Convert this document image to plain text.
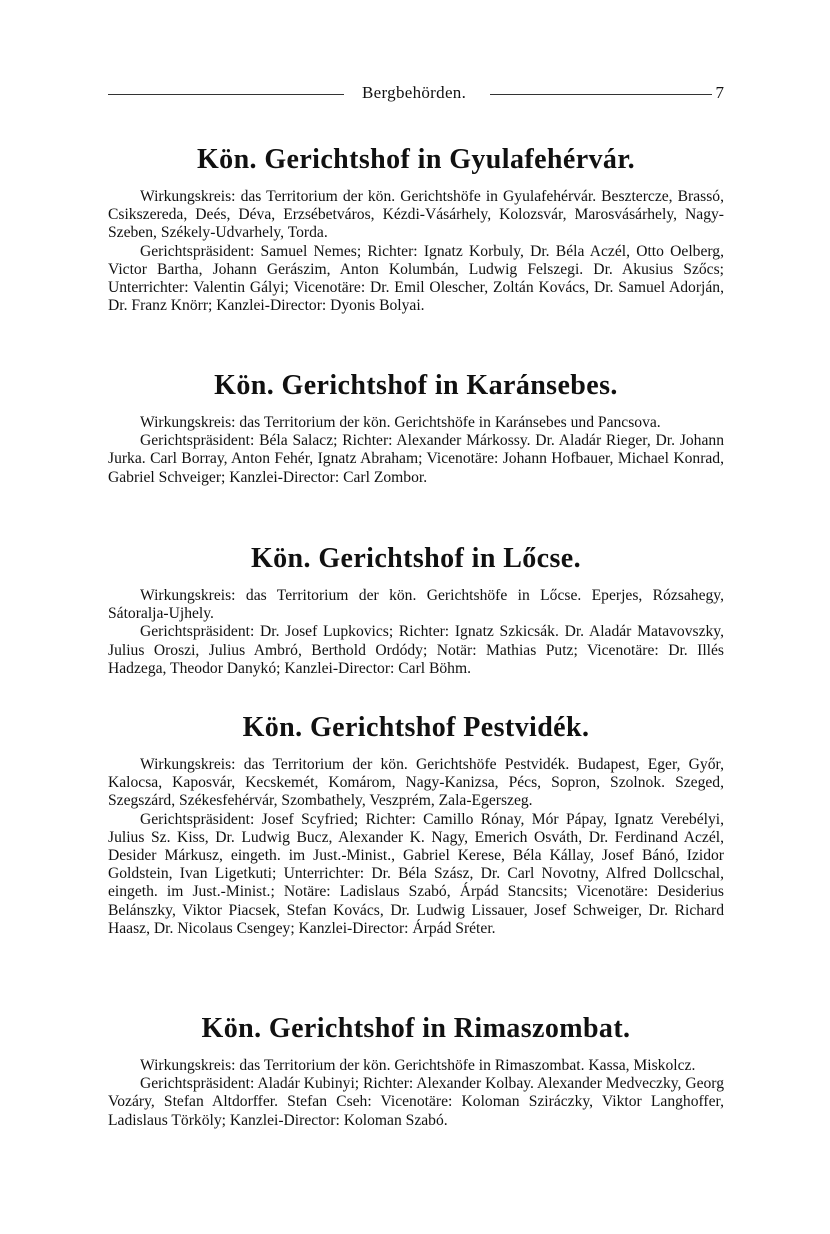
Bergbehörden.	7
Kön. Gerichtshof in Gyulafehérvár.

Wirkungskreis: das Territorium der kön. Gerichtshöfe in Gyulafehérvár. Beszterczе, Brassó, Csikszereda, Deés, Déva, Erzsébetváros, Kézdi-Vásárhely, Kolozsvár, Marosvásárhely, Nagy-Szeben, Székely-Udvarhely, Torda.

Gerichtspräsident: Samuel Nemes; Richter: Ignatz Korbuly, Dr. Béla Aczél, Otto Oelberg, Victor Bartha, Johann Gerászim, Anton Kolumbán, Ludwig Felszegi. Dr. Akusius Szőcs; Unterrichter: Valentin Gályi; Vicenotäre: Dr. Emil Olescher, Zoltán Kovács, Dr. Samuel Adorján, Dr. Franz Knörr; Kanzlei-Director: Dyonis Bolyai.

Kön. Gerichtshof in Karánsebes.

Wirkungskreis: das Territorium der kön. Gerichtshöfe in Karánsebes und Pancsova.

Gerichtspräsident: Béla Salacz; Richter: Alexander Márkossy. Dr. Aladár Rieger, Dr. Johann Jurka. Carl Borray, Anton Fehér, Ignatz Abraham; Vicenotäre: Johann Hofbauer, Michael Konrad, Gabriel Schveiger; Kanzlei-Director: Carl Zombor.

Kön. Gerichtshof in Lőcse.

Wirkungskreis: das Territorium der kön. Gerichtshöfe in Lőcse. Eperjes, Rózsahegy, Sátoralja-Ujhely.

Gerichtspräsident: Dr. Josef Lupkovics; Richter: Ignatz Szkicsák. Dr. Aladár Matavovszky, Julius Oroszi, Julius Ambró, Berthold Ordódy; Notär: Mathias Putz; Vicenotäre: Dr. Illés Hadzega, Theodor Danykó; Kanzlei-Director: Carl Böhm.

Kön. Gerichtshof Pestvidék.

Wirkungskreis: das Territorium der kön. Gerichtshöfe Pestvidék. Budapest, Eger, Győr, Kalocsa, Kaposvár, Kecskemét, Komárom, Nagy-Kanizsa, Pécs, Sopron, Szolnok. Szeged, Szegszárd, Székesfehérvár, Szombathely, Veszprém, Zala-Egerszeg.

Gerichtspräsident: Josef Scyfried; Richter: Camillo Rónay, Mór Pápay, Ignatz Verebélyi, Julius Sz. Kiss, Dr. Ludwig Bucz, Alexander K. Nagy, Emerich Osváth, Dr. Ferdinand Aczél, Desider Márkusz, eingeth. im Just.-Minist., Gabriel Kerese, Béla Kállay, Josef Bánó, Izidor Goldstein, Ivan Ligetkuti; Unterrichter: Dr. Béla Szász, Dr. Carl Novotny, Alfred Dollcschal, eingeth. im Just.-Minist.; Notäre: Ladislaus Szabó, Árpád Stancsits; Vicenotäre: Desiderius Belánszky, Viktor Piacsek, Stefan Kovács, Dr. Ludwig Lissauer, Josef Schweiger, Dr. Richard Haasz, Dr. Nicolaus Csengey; Kanzlei-Director: Árpád Sréter.

Kön. Gerichtshof in Rimaszombat.

Wirkungskreis: das Territorium der kön. Gerichtshöfe in Rimaszombat. Kassa, Miskolcz.

Gerichtspräsident: Aladár Kubinyi; Richter: Alexander Kolbay. Alexander Medveczky, Georg Vozáry, Stefan Altdorffer. Stefan Cseh: Vicenotäre: Koloman Sziráczky, Viktor Langhoffer, Ladislaus Törköly; Kanzlei-Director: Koloman Szabó.
